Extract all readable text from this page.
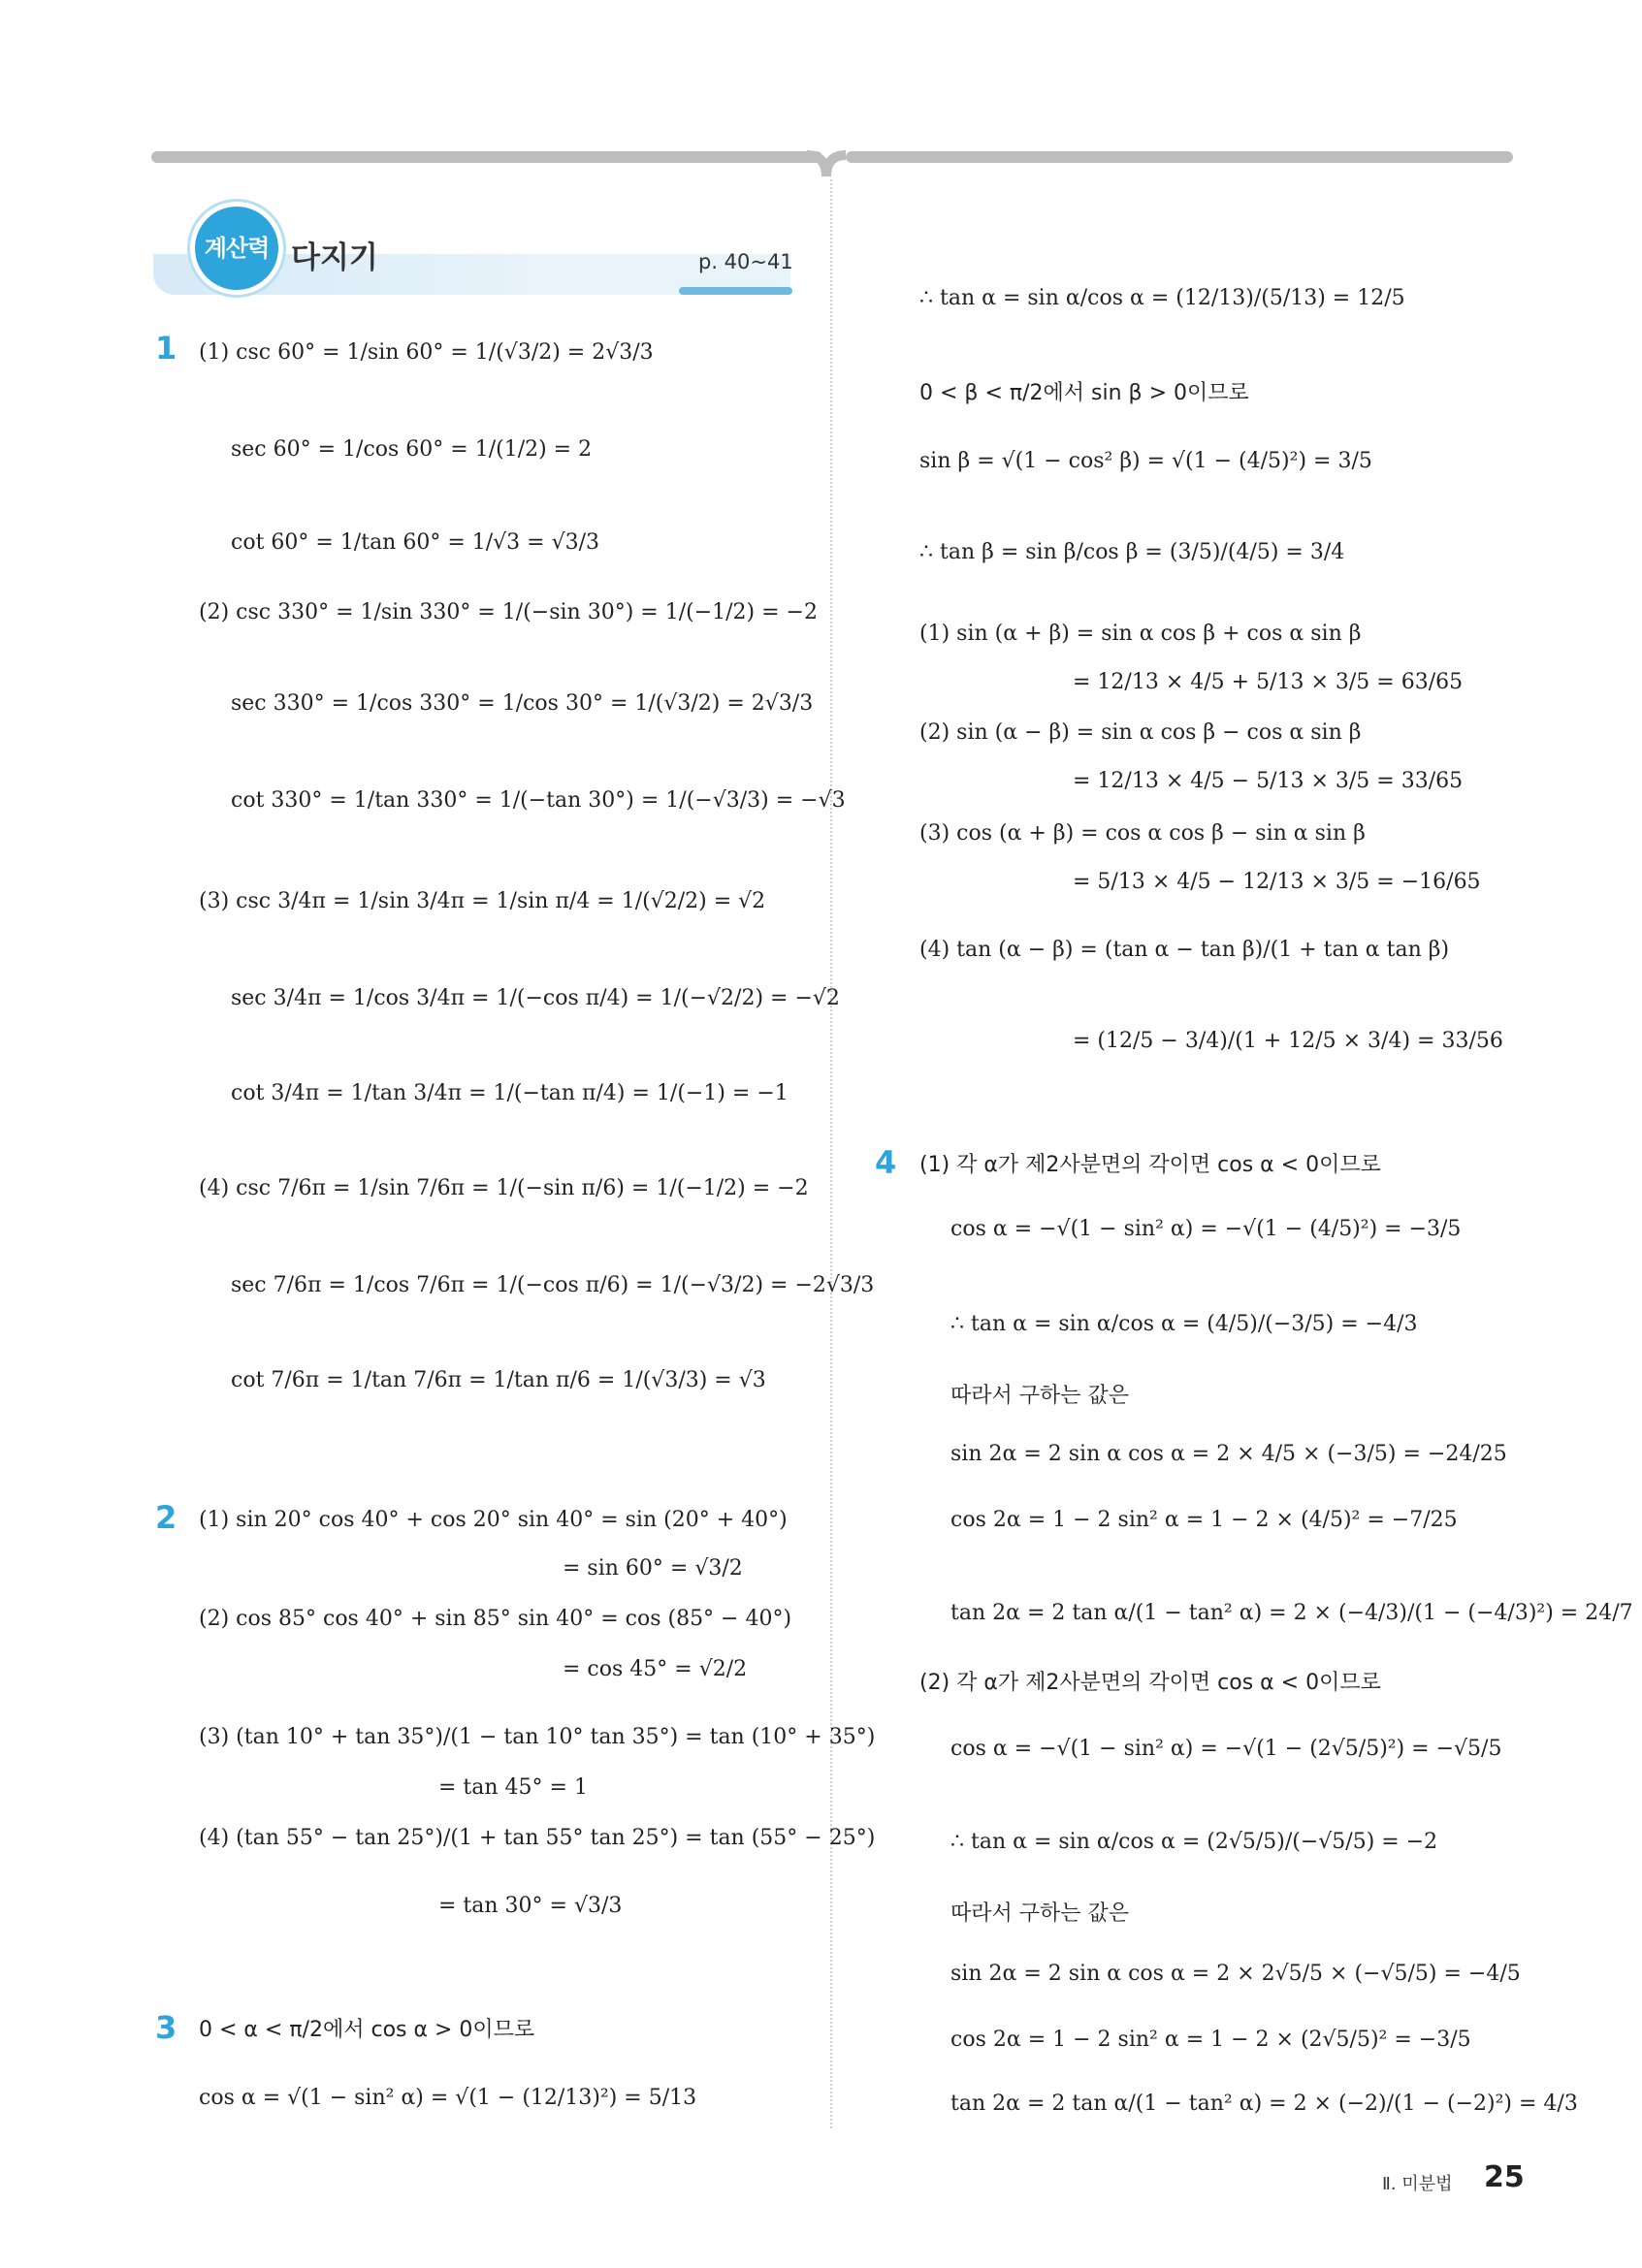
계산력 다지기	p. 40~41
1 (1) csc 60° = 1/sin 60° = 1/(√3/2) = 2√3/3
sec 60° = 1/cos 60° = 1/(1/2) = 2
cot 60° = 1/tan 60° = 1/√3 = √3/3
(2) csc 330° = 1/sin 330° = 1/(−sin 30°) = 1/(−1/2) = −2
sec 330° = 1/cos 330° = 1/cos 30° = 1/(√3/2) = 2√3/3
cot 330° = 1/tan 330° = 1/(−tan 30°) = 1/(−√3/3) = −√3
(3) csc 3/4π = 1/sin 3/4π = 1/sin π/4 = 1/(√2/2) = √2
sec 3/4π = 1/cos 3/4π = 1/(−cos π/4) = 1/(−√2/2) = −√2
cot 3/4π = 1/tan 3/4π = 1/(−tan π/4) = 1/(−1) = −1
(4) csc 7/6π = 1/sin 7/6π = 1/(−sin π/6) = 1/(−1/2) = −2
sec 7/6π = 1/cos 7/6π = 1/(−cos π/6) = 1/(−√3/2) = −2√3/3
cot 7/6π = 1/tan 7/6π = 1/tan π/6 = 1/(√3/3) = √3
2 (1) sin 20° cos 40° + cos 20° sin 40° = sin (20° + 40°)
= sin 60° = √3/2
(2) cos 85° cos 40° + sin 85° sin 40° = cos (85° − 40°)
= cos 45° = √2/2
(3) (tan 10° + tan 35°)/(1 − tan 10° tan 35°) = tan (10° + 35°)
= tan 45° = 1
(4) (tan 55° − tan 25°)/(1 + tan 55° tan 25°) = tan (55° − 25°)
= tan 30° = √3/3
3 0 < α < π/2에서 cos α > 0이므로
cos α = √(1 − sin² α) = √(1 − (12/13)²) = 5/13
∴ tan α = sin α/cos α = (12/13)/(5/13) = 12/5
0 < β < π/2에서 sin β > 0이므로
sin β = √(1 − cos² β) = √(1 − (4/5)²) = 3/5
∴ tan β = sin β/cos β = (3/5)/(4/5) = 3/4
(1) sin (α + β) = sin α cos β + cos α sin β
= 12/13 × 4/5 + 5/13 × 3/5 = 63/65
(2) sin (α − β) = sin α cos β − cos α sin β
= 12/13 × 4/5 − 5/13 × 3/5 = 33/65
(3) cos (α + β) = cos α cos β − sin α sin β
= 5/13 × 4/5 − 12/13 × 3/5 = −16/65
(4) tan (α − β) = (tan α − tan β)/(1 + tan α tan β)
= (12/5 − 3/4)/(1 + 12/5 × 3/4) = 33/56
4 (1) 각 α가 제2사분면의 각이면 cos α < 0이므로
cos α = −√(1 − sin² α) = −√(1 − (4/5)²) = −3/5
∴ tan α = sin α/cos α = (4/5)/(−3/5) = −4/3
따라서 구하는 값은
sin 2α = 2 sin α cos α = 2 × 4/5 × (−3/5) = −24/25
cos 2α = 1 − 2 sin² α = 1 − 2 × (4/5)² = −7/25
tan 2α = 2 tan α/(1 − tan² α) = 2 × (−4/3)/(1 − (−4/3)²) = 24/7
(2) 각 α가 제2사분면의 각이면 cos α < 0이므로
cos α = −√(1 − sin² α) = −√(1 − (2√5/5)²) = −√5/5
∴ tan α = sin α/cos α = (2√5/5)/(−√5/5) = −2
따라서 구하는 값은
sin 2α = 2 sin α cos α = 2 × 2√5/5 × (−√5/5) = −4/5
cos 2α = 1 − 2 sin² α = 1 − 2 × (2√5/5)² = −3/5
tan 2α = 2 tan α/(1 − tan² α) = 2 × (−2)/(1 − (−2)²) = 4/3
Ⅱ. 미분법 25
